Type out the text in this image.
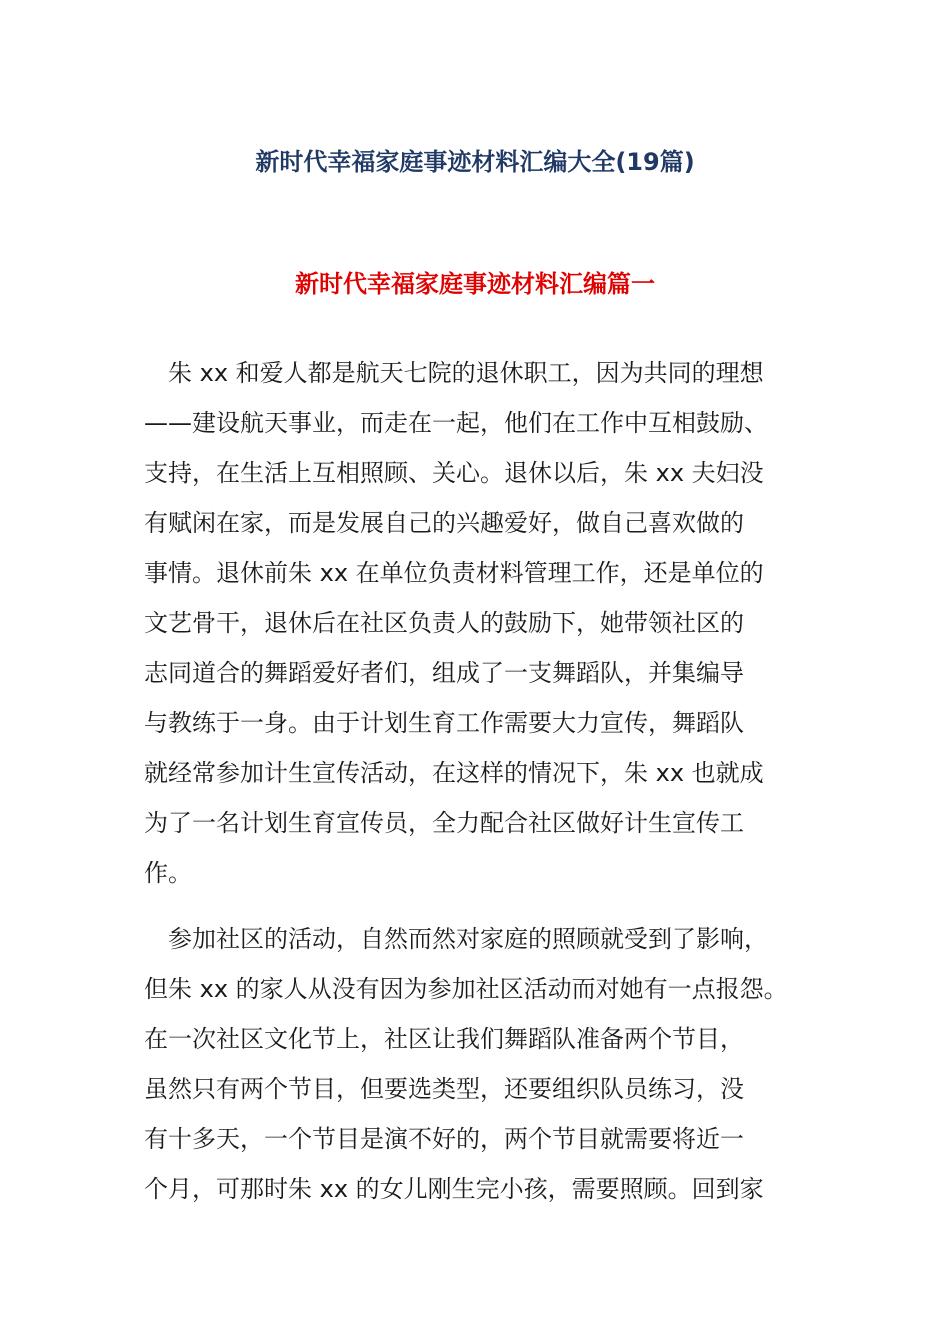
新时代幸福家庭事迹材料汇编大全(19篇)
新时代幸福家庭事迹材料汇编篇一
　朱 xx 和爱人都是航天七院的退休职工，因为共同的理想
——建设航天事业，而走在一起，他们在工作中互相鼓励、
支持，在生活上互相照顾、关心。退休以后，朱 xx 夫妇没
有赋闲在家，而是发展自己的兴趣爱好，做自己喜欢做的
事情。退休前朱 xx 在单位负责材料管理工作，还是单位的
文艺骨干，退休后在社区负责人的鼓励下，她带领社区的
志同道合的舞蹈爱好者们，组成了一支舞蹈队，并集编导
与教练于一身。由于计划生育工作需要大力宣传，舞蹈队
就经常参加计生宣传活动，在这样的情况下，朱 xx 也就成
为了一名计划生育宣传员，全力配合社区做好计生宣传工
作。
　参加社区的活动，自然而然对家庭的照顾就受到了影响，
但朱 xx 的家人从没有因为参加社区活动而对她有一点报怨。
在一次社区文化节上，社区让我们舞蹈队准备两个节目，
虽然只有两个节目，但要选类型，还要组织队员练习，没
有十多天，一个节目是演不好的，两个节目就需要将近一
个月，可那时朱 xx 的女儿刚生完小孩，需要照顾。回到家
